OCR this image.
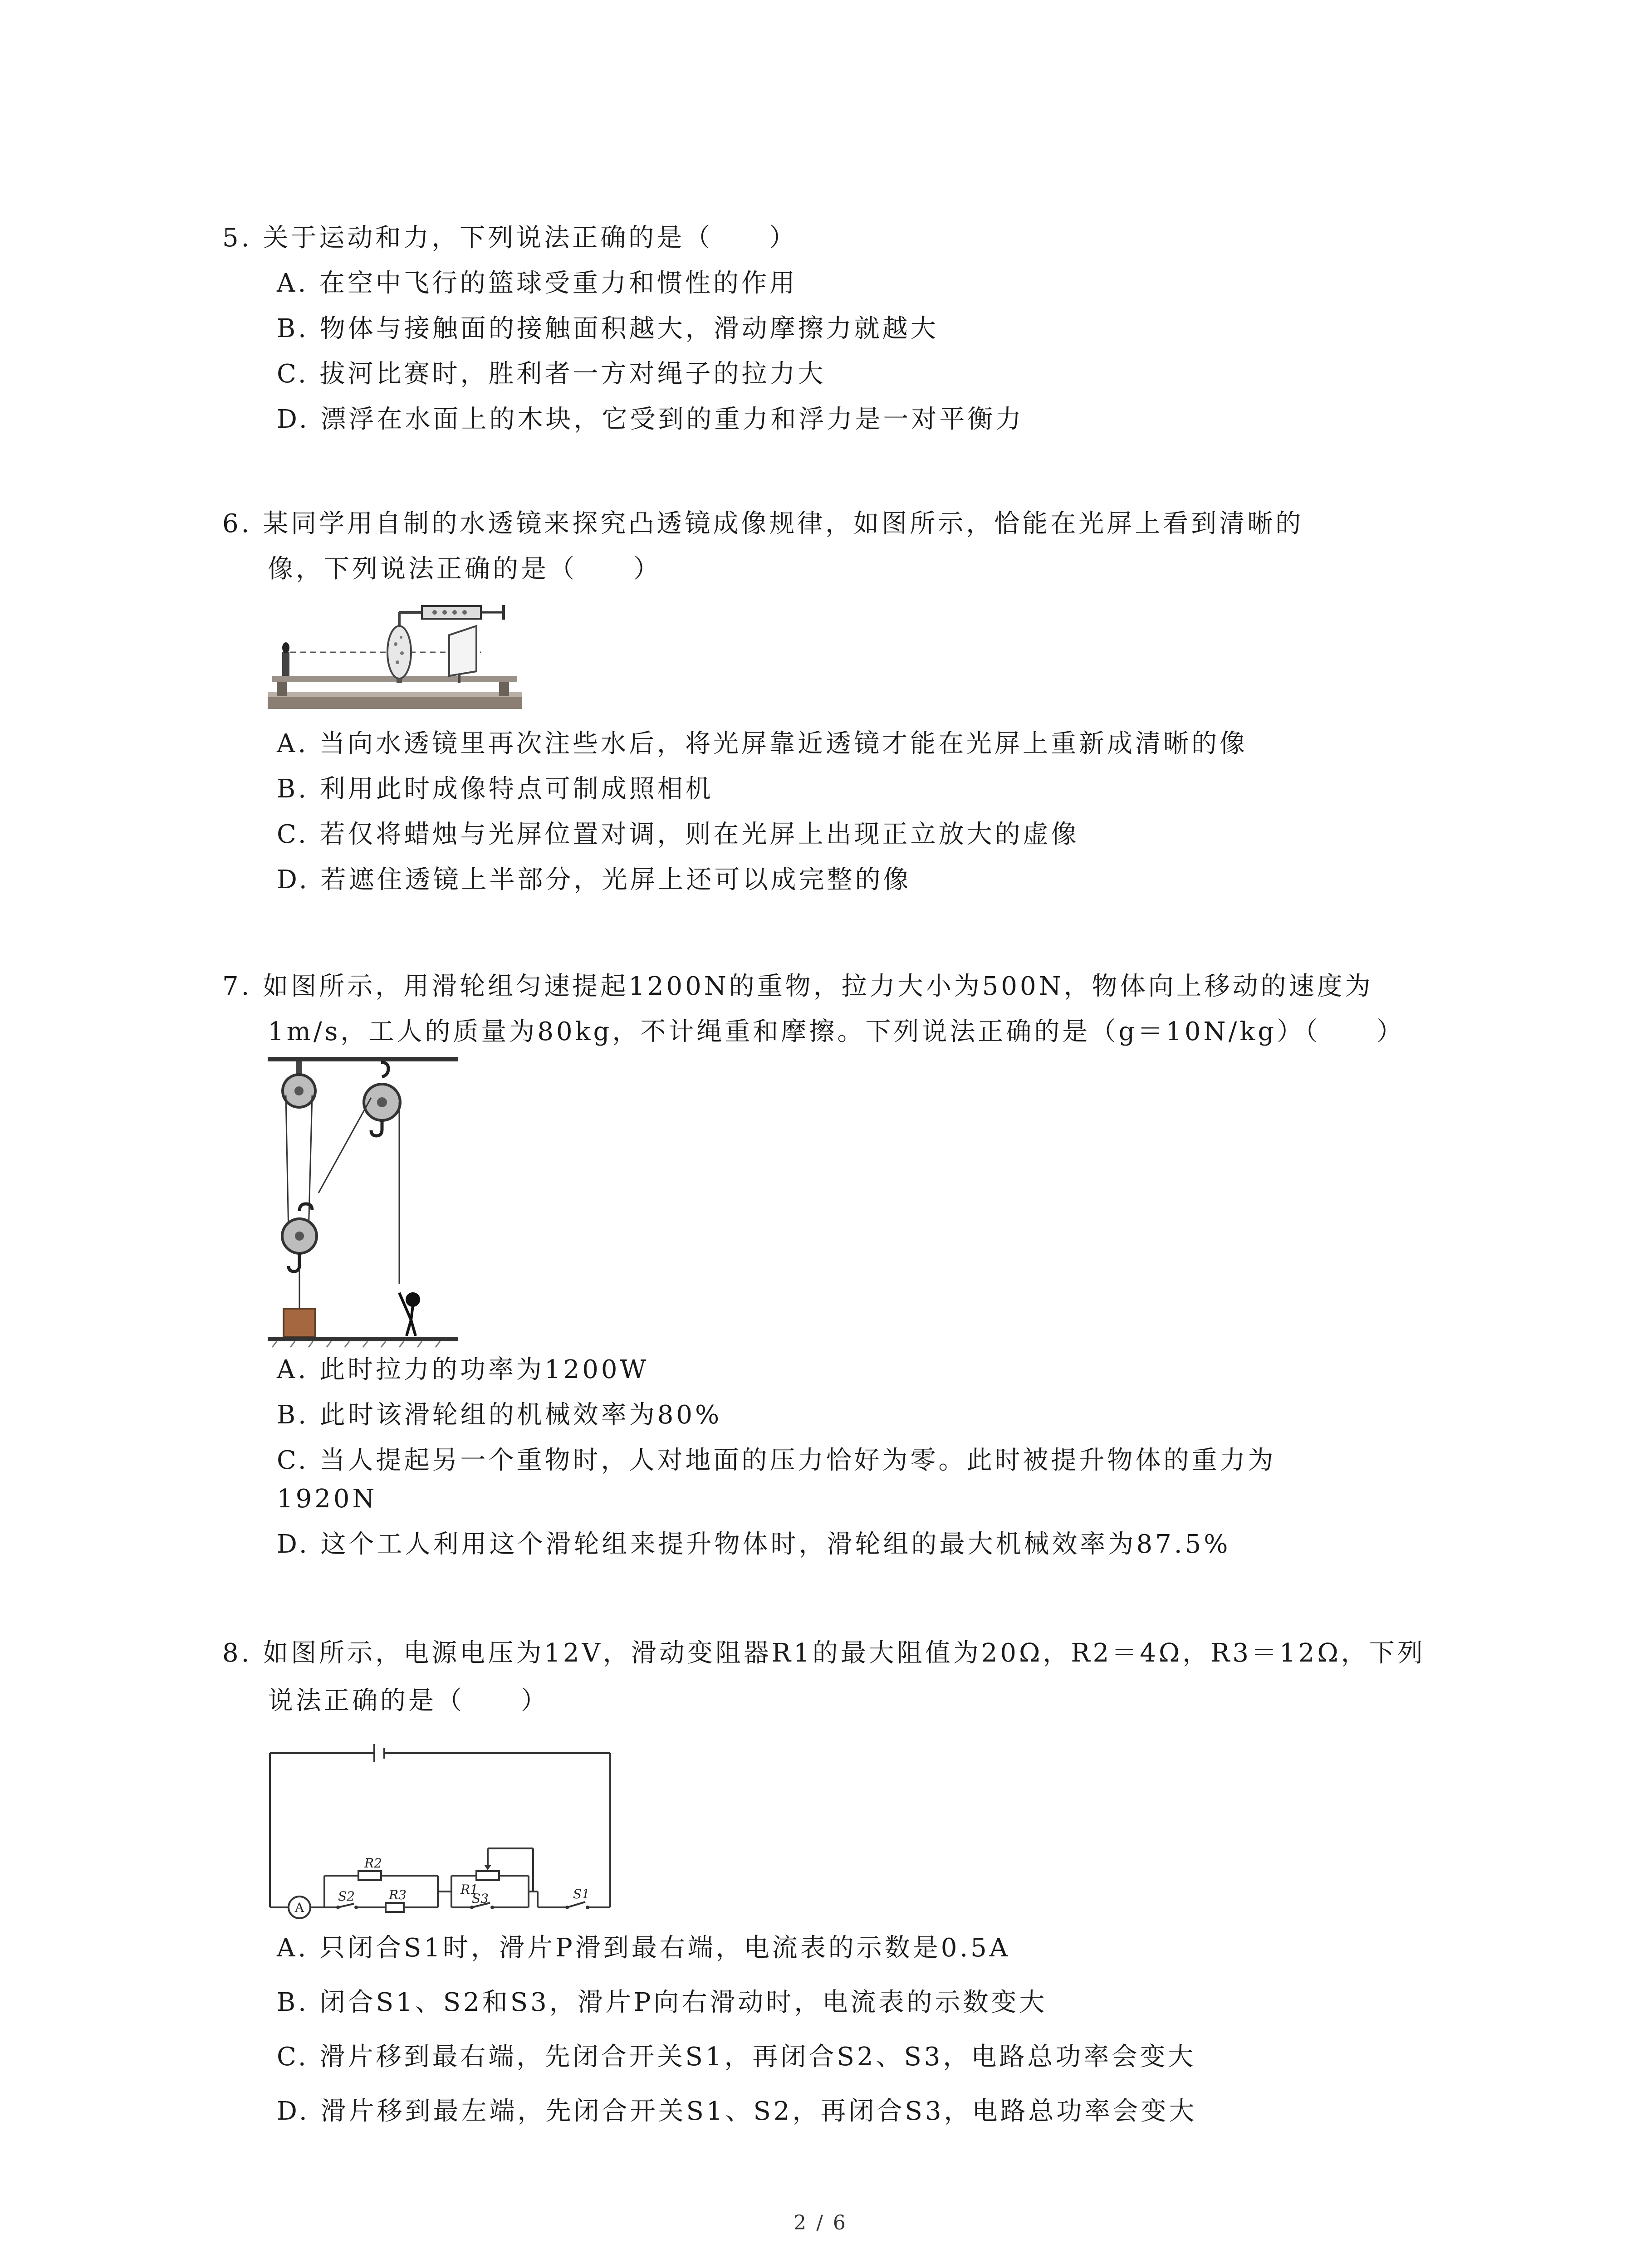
5. 关于运动和力，下列说法正确的是（　　）
A. 在空中飞行的篮球受重力和惯性的作用
B. 物体与接触面的接触面积越大，滑动摩擦力就越大
C. 拔河比赛时，胜利者一方对绳子的拉力大
D. 漂浮在水面上的木块，它受到的重力和浮力是一对平衡力
6. 某同学用自制的水透镜来探究凸透镜成像规律，如图所示，恰能在光屏上看到清晰的
像，下列说法正确的是（　　）
A. 当向水透镜里再次注些水后，将光屏靠近透镜才能在光屏上重新成清晰的像
B. 利用此时成像特点可制成照相机
C. 若仅将蜡烛与光屏位置对调，则在光屏上出现正立放大的虚像
D. 若遮住透镜上半部分，光屏上还可以成完整的像
7. 如图所示，用滑轮组匀速提起1200N的重物，拉力大小为500N，物体向上移动的速度为
1m/s，工人的质量为80kg，不计绳重和摩擦。下列说法正确的是（g＝10N/kg）（　　）
A. 此时拉力的功率为1200W
B. 此时该滑轮组的机械效率为80%
C. 当人提起另一个重物时，人对地面的压力恰好为零。此时被提升物体的重力为
1920N
D. 这个工人利用这个滑轮组来提升物体时，滑轮组的最大机械效率为87.5%
8. 如图所示，电源电压为12V，滑动变阻器R1的最大阻值为20Ω，R2＝4Ω，R3＝12Ω，下列
说法正确的是（　　）
A
R2
R3
S2	R1
S3	S1
A. 只闭合S1时，滑片P滑到最右端，电流表的示数是0.5A
B. 闭合S1、S2和S3，滑片P向右滑动时，电流表的示数变大
C. 滑片移到最右端，先闭合开关S1，再闭合S2、S3，电路总功率会变大
D. 滑片移到最左端，先闭合开关S1、S2，再闭合S3，电路总功率会变大
2 / 6
